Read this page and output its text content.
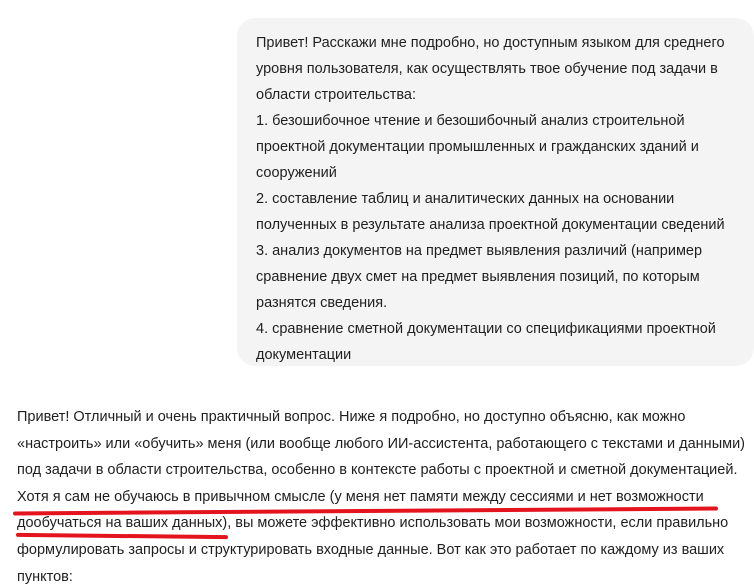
Привет! Расскажи мне подробно, но доступным языком для среднего
уровня пользователя, как осуществлять твое обучение под задачи в
области строительства:
1. безошибочное чтение и безошибочный анализ строительной
проектной документации промышленных и гражданских зданий и
сооружений
2. составление таблиц и аналитических данных на основании
полученных в результате анализа проектной документации сведений
3. анализ документов на предмет выявления различий (например
сравнение двух смет на предмет выявления позиций, по которым
разнятся сведения.
4. сравнение сметной документации со спецификациями проектной
документации
Привет! Отличный и очень практичный вопрос. Ниже я подробно, но доступно объясню, как можно
«настроить» или «обучить» меня (или вообще любого ИИ-ассистента, работающего с текстами и данными)
под задачи в области строительства, особенно в контексте работы с проектной и сметной документацией.
Хотя я сам не обучаюсь в привычном смысле (у меня нет памяти между сессиями и нет возможности
дообучаться на ваших данных), вы можете эффективно использовать мои возможности, если правильно
формулировать запросы и структурировать входные данные. Вот как это работает по каждому из ваших
пунктов:
